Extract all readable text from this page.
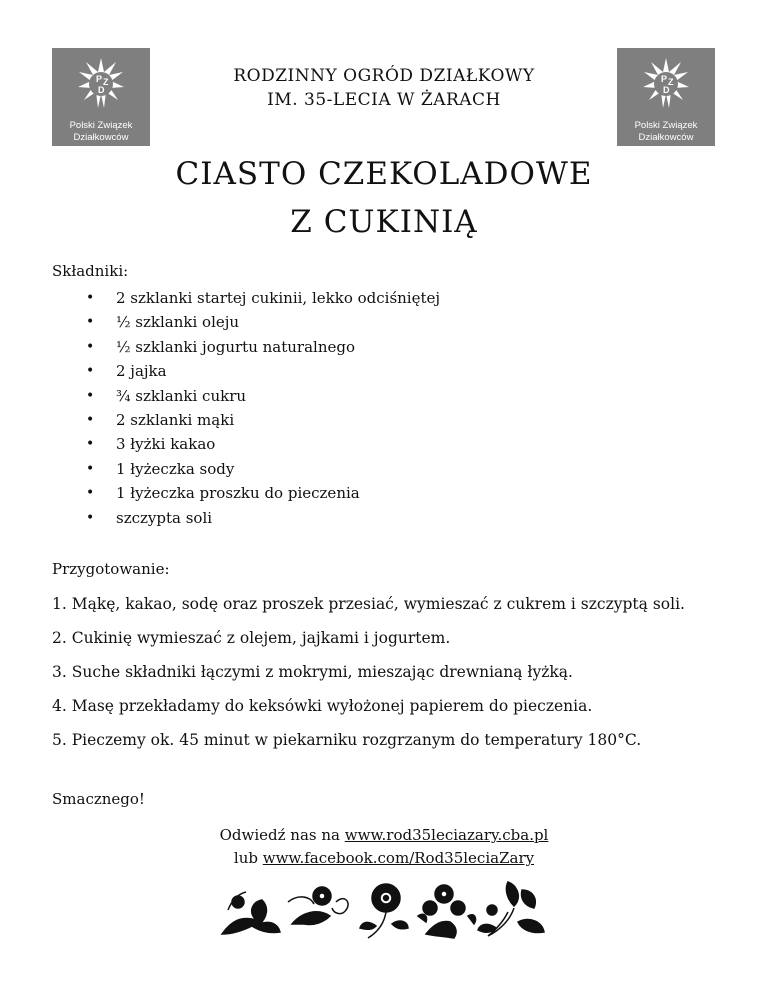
P Z
D
Polski Związek
Działkowców
P Z
D
Polski Związek
Działkowców
RODZINNY OGRÓD DZIAŁKOWY
IM. 35-LECIA W ŻARACH
CIASTO CZEKOLADOWE
Z CUKINIĄ
Składniki:
• 2 szklanki startej cukinii, lekko odciśniętej
• ½ szklanki oleju
• ½ szklanki jogurtu naturalnego
• 2 jajka
• ¾ szklanki cukru
• 2 szklanki mąki
• 3 łyżki kakao
• 1 łyżeczka sody
• 1 łyżeczka proszku do pieczenia
• szczypta soli
Przygotowanie:
1. Mąkę, kakao, sodę oraz proszek przesiać, wymieszać z cukrem i szczyptą soli.
2. Cukinię wymieszać z olejem, jajkami i jogurtem.
3. Suche składniki łączymi z mokrymi, mieszając drewnianą łyżką.
4. Masę przekładamy do keksówki wyłożonej papierem do pieczenia.
5. Pieczemy ok. 45 minut w piekarniku rozgrzanym do temperatury 180°C.
Smacznego!
Odwiedź nas na www.rod35leciazary.cba.pl
lub www.facebook.com/Rod35leciaZary
